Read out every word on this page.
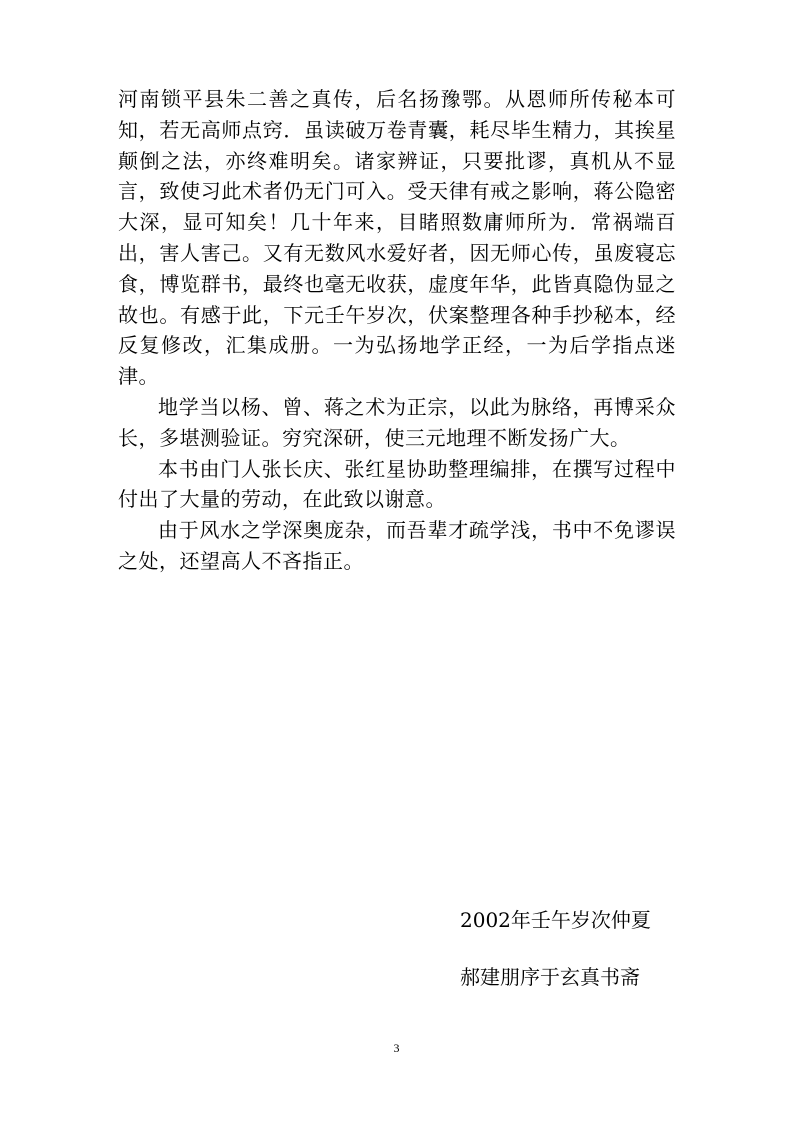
河南锁平县朱二善之真传，后名扬豫鄂。从恩师所传秘本可知，若无高师点窍．虽读破万卷青囊，耗尽毕生精力，其挨星颠倒之法，亦终难明矣。诸家辨证，只要批谬，真机从不显言，致使习此术者仍无门可入。受天律有戒之影响，蒋公隐密大深，显可知矣！几十年来，目睹照数庸师所为．常祸端百出，害人害己。又有无数风水爱好者，因无师心传，虽废寝忘食，博览群书，最终也毫无收获，虚度年华，此皆真隐伪显之故也。有感于此，下元壬午岁次，伏案整理各种手抄秘本，经反复修改，汇集成册。一为弘扬地学正经，一为后学指点迷津。

地学当以杨、曾、蒋之术为正宗，以此为脉络，再博采众长，多堪测验证。穷究深研，使三元地理不断发扬广大。

本书由门人张长庆、张红星协助整理编排，在撰写过程中付出了大量的劳动，在此致以谢意。

由于风水之学深奥庞杂，而吾辈才疏学浅，书中不免谬误之处，还望高人不吝指正。

2002年壬午岁次仲夏
郝建朋序于玄真书斋
3
